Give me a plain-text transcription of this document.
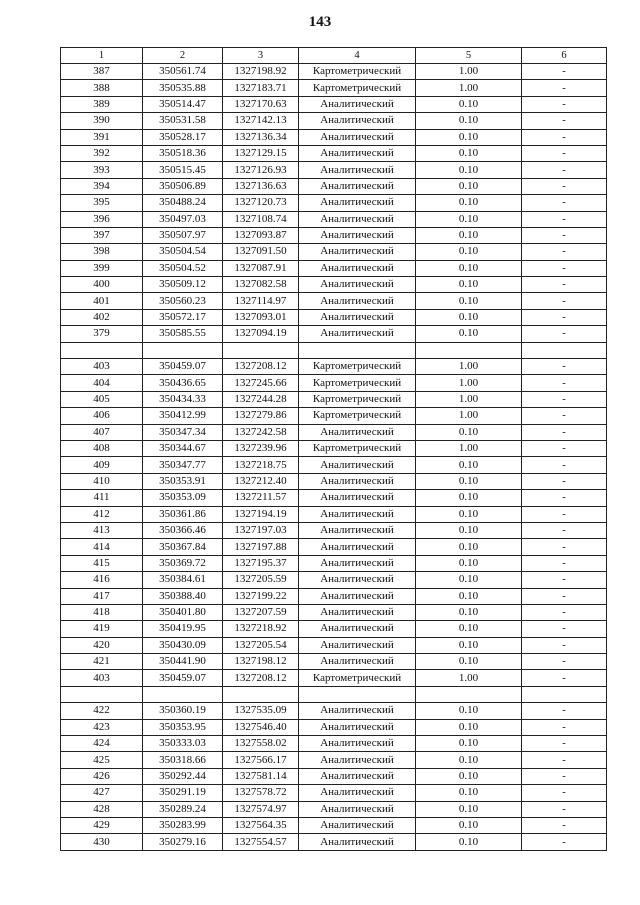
143
1	2	3	4	5	6
387	350561.74	1327198.92	Картометрический	1.00	-
388	350535.88	1327183.71	Картометрический	1.00	-
389	350514.47	1327170.63	Аналитический	0.10	-
390	350531.58	1327142.13	Аналитический	0.10	-
391	350528.17	1327136.34	Аналитический	0.10	-
392	350518.36	1327129.15	Аналитический	0.10	-
393	350515.45	1327126.93	Аналитический	0.10	-
394	350506.89	1327136.63	Аналитический	0.10	-
395	350488.24	1327120.73	Аналитический	0.10	-
396	350497.03	1327108.74	Аналитический	0.10	-
397	350507.97	1327093.87	Аналитический	0.10	-
398	350504.54	1327091.50	Аналитический	0.10	-
399	350504.52	1327087.91	Аналитический	0.10	-
400	350509.12	1327082.58	Аналитический	0.10	-
401	350560.23	1327114.97	Аналитический	0.10	-
402	350572.17	1327093.01	Аналитический	0.10	-
379	350585.55	1327094.19	Аналитический	0.10	-

403	350459.07	1327208.12	Картометрический	1.00	-
404	350436.65	1327245.66	Картометрический	1.00	-
405	350434.33	1327244.28	Картометрический	1.00	-
406	350412.99	1327279.86	Картометрический	1.00	-
407	350347.34	1327242.58	Аналитический	0.10	-
408	350344.67	1327239.96	Картометрический	1.00	-
409	350347.77	1327218.75	Аналитический	0.10	-
410	350353.91	1327212.40	Аналитический	0.10	-
411	350353.09	1327211.57	Аналитический	0.10	-
412	350361.86	1327194.19	Аналитический	0.10	-
413	350366.46	1327197.03	Аналитический	0.10	-
414	350367.84	1327197.88	Аналитический	0.10	-
415	350369.72	1327195.37	Аналитический	0.10	-
416	350384.61	1327205.59	Аналитический	0.10	-
417	350388.40	1327199.22	Аналитический	0.10	-
418	350401.80	1327207.59	Аналитический	0.10	-
419	350419.95	1327218.92	Аналитический	0.10	-
420	350430.09	1327205.54	Аналитический	0.10	-
421	350441.90	1327198.12	Аналитический	0.10	-
403	350459.07	1327208.12	Картометрический	1.00	-

422	350360.19	1327535.09	Аналитический	0.10	-
423	350353.95	1327546.40	Аналитический	0.10	-
424	350333.03	1327558.02	Аналитический	0.10	-
425	350318.66	1327566.17	Аналитический	0.10	-
426	350292.44	1327581.14	Аналитический	0.10	-
427	350291.19	1327578.72	Аналитический	0.10	-
428	350289.24	1327574.97	Аналитический	0.10	-
429	350283.99	1327564.35	Аналитический	0.10	-
430	350279.16	1327554.57	Аналитический	0.10	-
